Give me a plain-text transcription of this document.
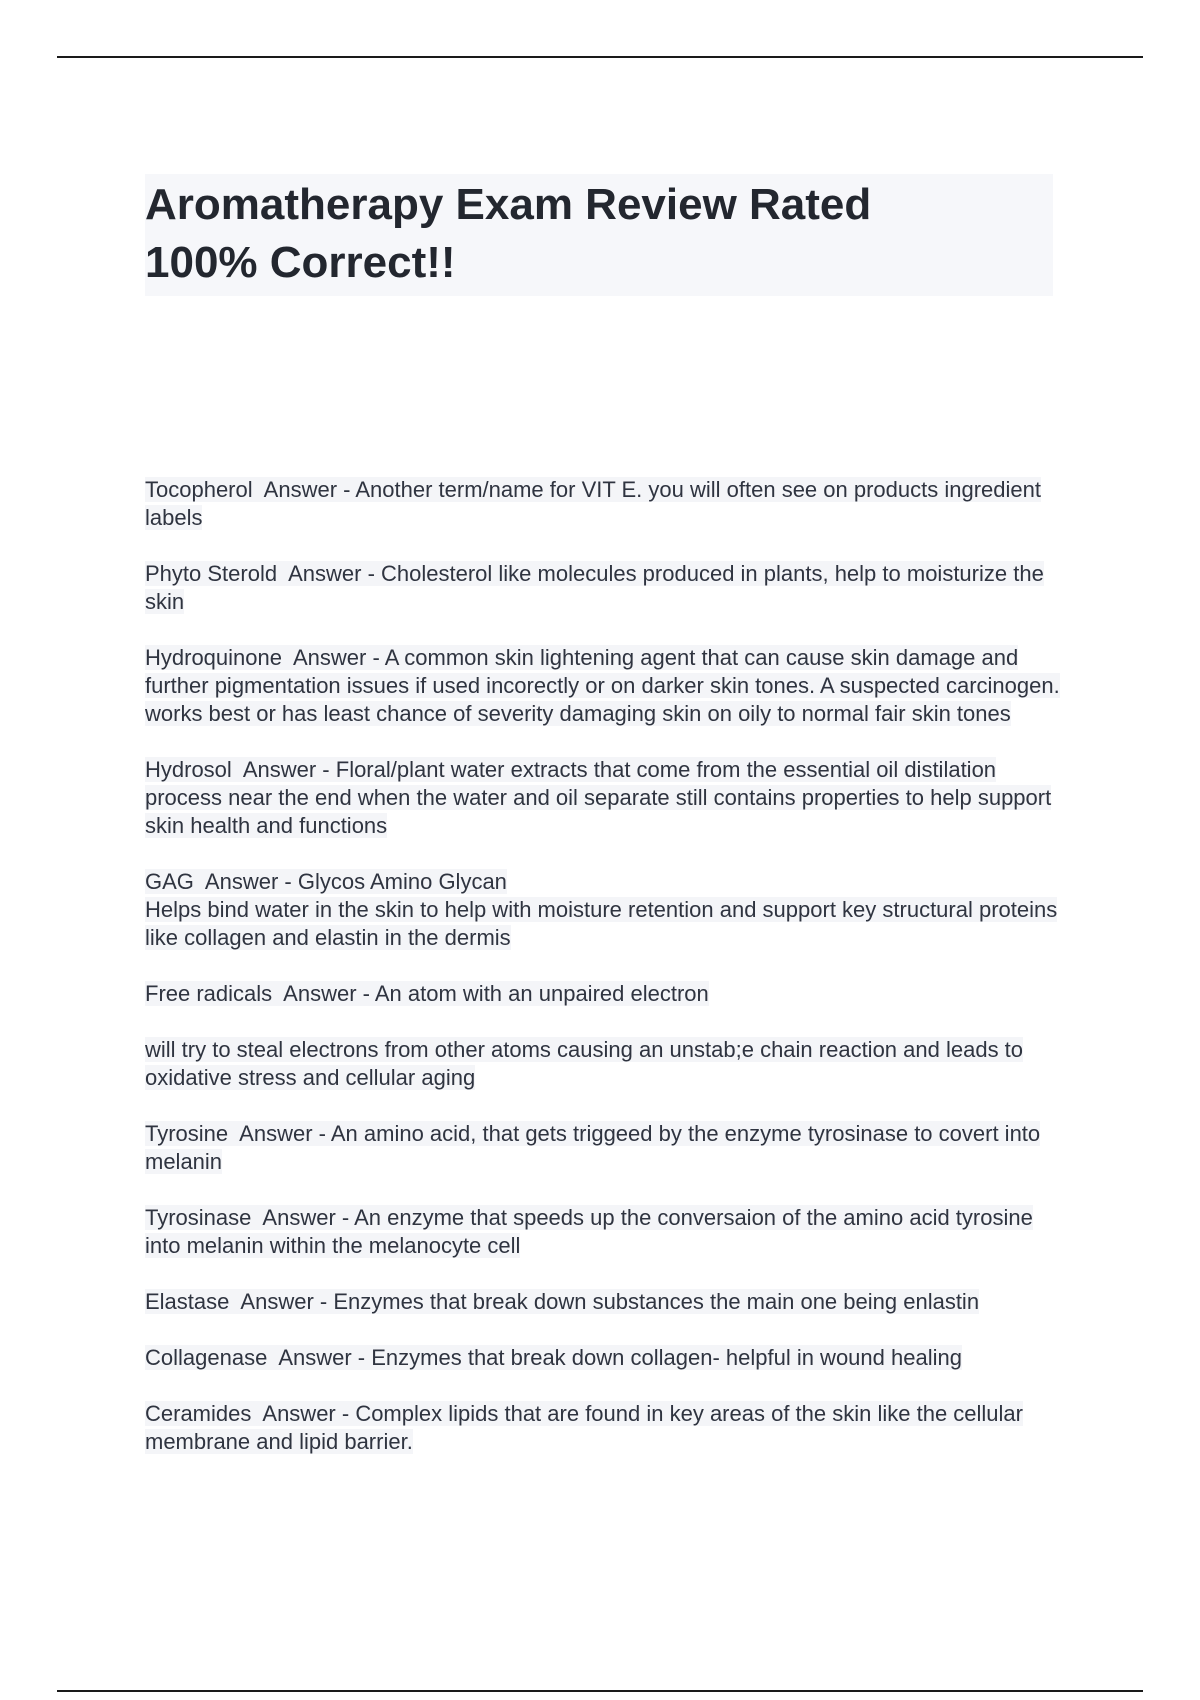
Aromatherapy Exam Review Rated 100% Correct!!

Tocopherol Answer - Another term/name for VIT E. you will often see on products ingredient labels

Phyto Sterold Answer - Cholesterol like molecules produced in plants, help to moisturize the skin

Hydroquinone Answer - A common skin lightening agent that can cause skin damage and further pigmentation issues if used incorectly or on darker skin tones. A suspected carcinogen. works best or has least chance of severity damaging skin on oily to normal fair skin tones

Hydrosol Answer - Floral/plant water extracts that come from the essential oil distilation process near the end when the water and oil separate still contains properties to help support skin health and functions

GAG Answer - Glycos Amino Glycan
Helps bind water in the skin to help with moisture retention and support key structural proteins like collagen and elastin in the dermis

Free radicals Answer - An atom with an unpaired electron
will try to steal electrons from other atoms causing an unstab;e chain reaction and leads to oxidative stress and cellular aging

Tyrosine Answer - An amino acid, that gets triggeed by the enzyme tyrosinase to covert into melanin

Tyrosinase Answer - An enzyme that speeds up the conversaion of the amino acid tyrosine into melanin within the melanocyte cell

Elastase Answer - Enzymes that break down substances the main one being enlastin

Collagenase Answer - Enzymes that break down collagen- helpful in wound healing

Ceramides Answer - Complex lipids that are found in key areas of the skin like the cellular membrane and lipid barrier.
